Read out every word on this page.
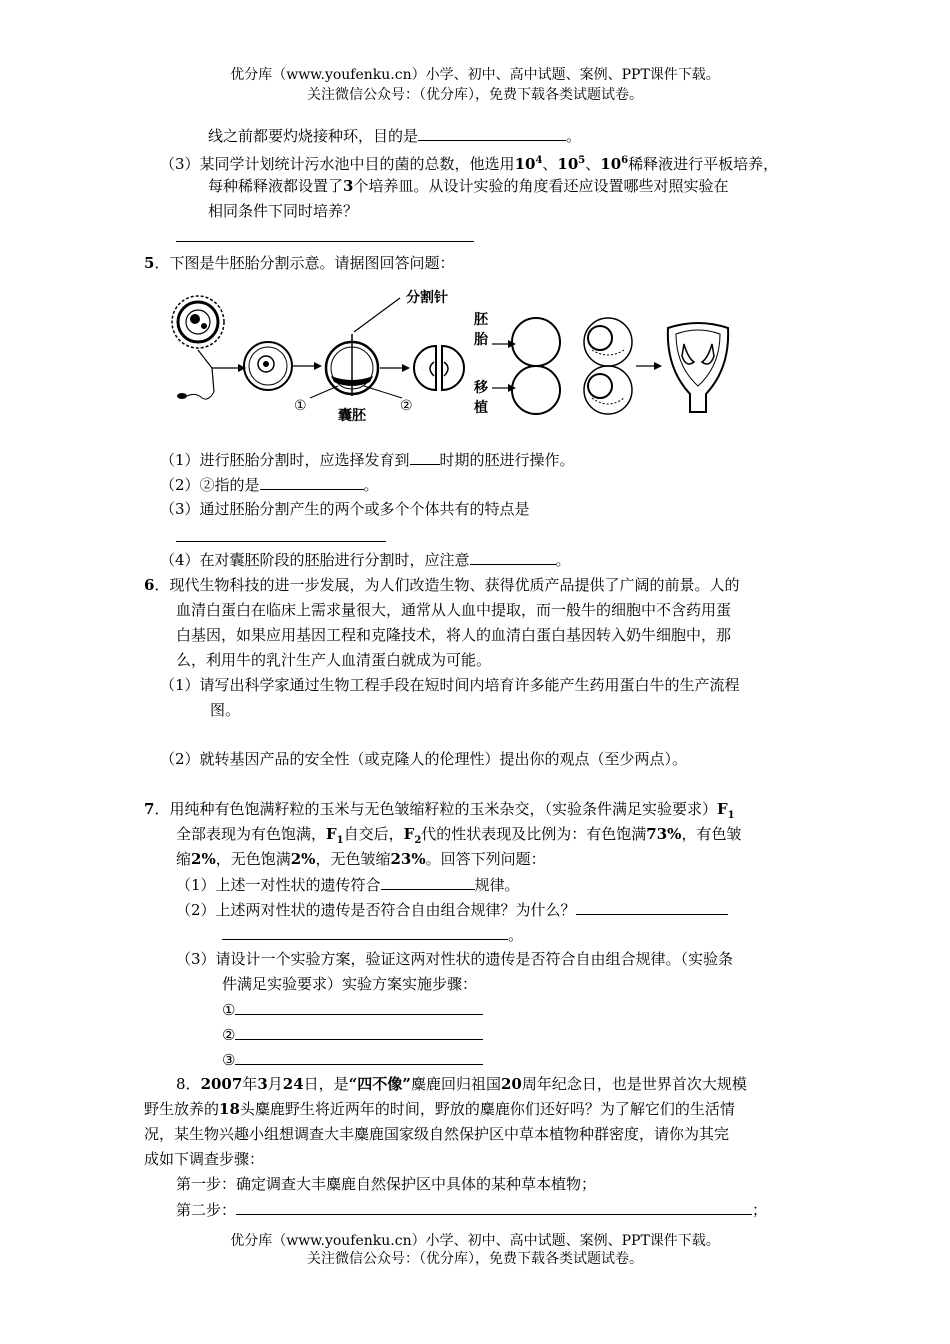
优分库（www.youfenku.cn）小学、初中、高中试题、案例、PPT课件下载。
关注微信公众号：（优分库），免费下载各类试题试卷。
线之前都要灼烧接种环，目的是	。
（3）某同学计划统计污水池中目的菌的总数，他选用$10^4$、$10^5$、$10^6$稀释液进行平板培养，
每种稀释液都设置了3个培养皿。从设计实验的角度看还应设置哪些对照实验在
相同条件下同时培养？
5．下图是牛胚胎分割示意。请据图回答问题：
分割针
①	②
囊胚
胚
胎
移
植
（1）进行胚胎分割时，应选择发育到 时期的胚进行操作。
（2）②指的是	。
（3）通过胚胎分割产生的两个或多个个体共有的特点是
（4）在对囊胚阶段的胚胎进行分割时，应注意	。
6．现代生物科技的进一步发展，为人们改造生物、获得优质产品提供了广阔的前景。人的
血清白蛋白在临床上需求量很大，通常从人血中提取，而一般牛的细胞中不含药用蛋
白基因，如果应用基因工程和克隆技术，将人的血清白蛋白基因转入奶牛细胞中，那
么，利用牛的乳汁生产人血清蛋白就成为可能。
（1）请写出科学家通过生物工程手段在短时间内培育许多能产生药用蛋白牛的生产流程
图。
（2）就转基因产品的安全性（或克隆人的伦理性）提出你的观点（至少两点）。
7．用纯种有色饱满籽粒的玉米与无色皱缩籽粒的玉米杂交，（实验条件满足实验要求）$F_1$
全部表现为有色饱满，$F_1$自交后，$F_2$代的性状表现及比例为：有色饱满73%，有色皱
缩2%，无色饱满2%，无色皱缩23%。回答下列问题：
（1）上述一对性状的遗传符合	规律。
（2）上述两对性状的遗传是否符合自由组合规律？为什么？
。
（3）请设计一个实验方案，验证这两对性状的遗传是否符合自由组合规律。（实验条
件满足实验要求）实验方案实施步骤：
①
②
③
8．2007年3月24日，是“四不像”麋鹿回归祖国20周年纪念日，也是世界首次大规模
野生放养的18头麋鹿野生将近两年的时间，野放的麋鹿你们还好吗？为了解它们的生活情
况，某生物兴趣小组想调查大丰麋鹿国家级自然保护区中草本植物种群密度，请你为其完
成如下调查步骤：
第一步：确定调查大丰麋鹿自然保护区中具体的某种草本植物；
第二步：	；
优分库（www.youfenku.cn）小学、初中、高中试题、案例、PPT课件下载。
关注微信公众号：（优分库），免费下载各类试题试卷。
